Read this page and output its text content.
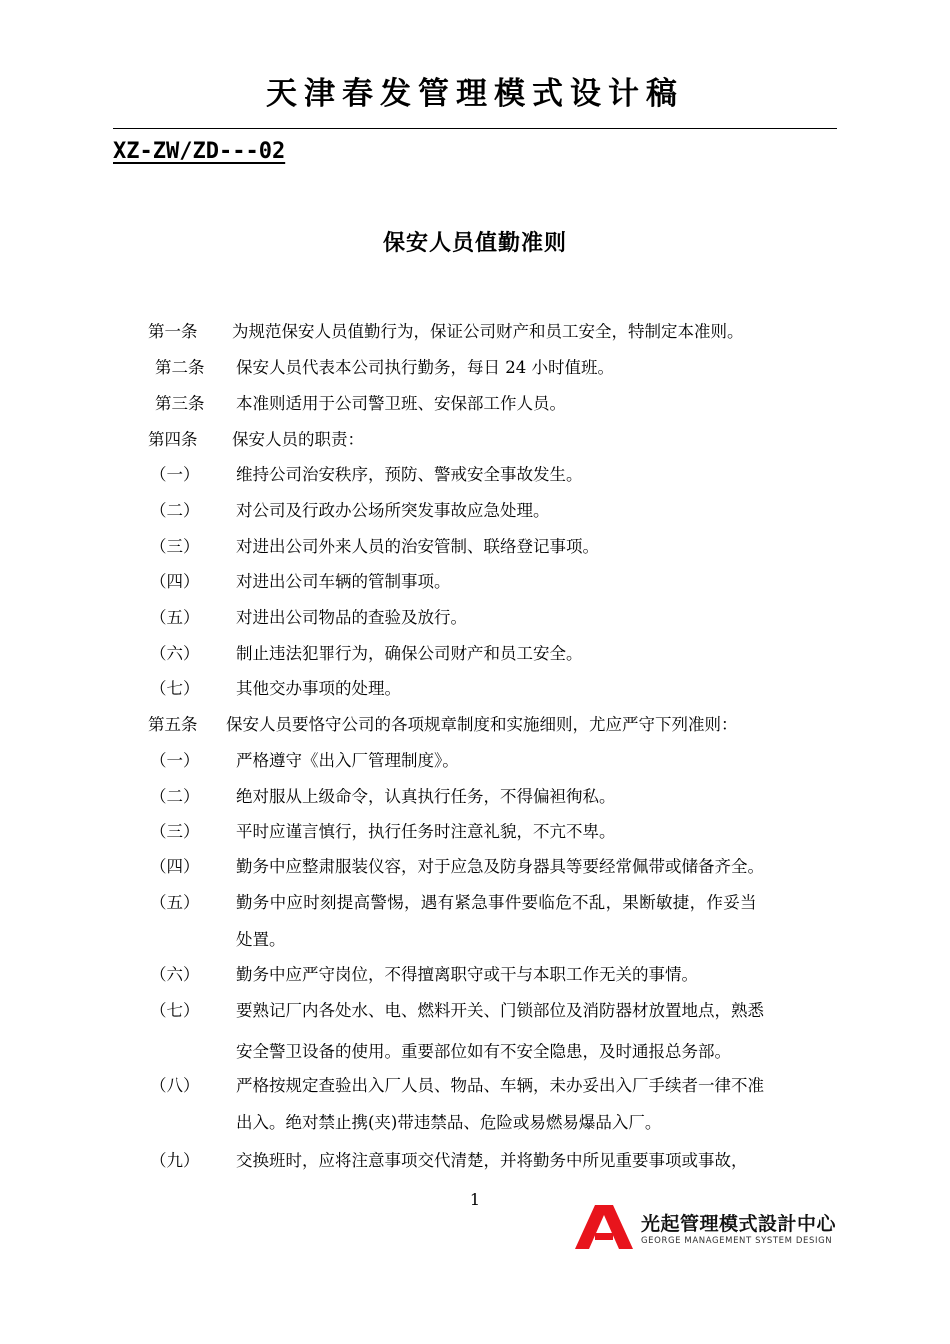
天津春发管理模式设计稿
XZ-ZW/ZD---02
保安人员值勤准则
第一条 为规范保安人员值勤行为，保证公司财产和员工安全，特制定本准则。
第二条 保安人员代表本公司执行勤务，每日 24 小时值班。
第三条 本准则适用于公司警卫班、安保部工作人员。
第四条 保安人员的职责：
（一） 维持公司治安秩序，预防、警戒安全事故发生。
（二） 对公司及行政办公场所突发事故应急处理。
（三） 对进出公司外来人员的治安管制、联络登记事项。
（四） 对进出公司车辆的管制事项。
（五） 对进出公司物品的查验及放行。
（六） 制止违法犯罪行为，确保公司财产和员工安全。
（七） 其他交办事项的处理。
第五条 保安人员要恪守公司的各项规章制度和实施细则，尤应严守下列准则：
（一） 严格遵守《出入厂管理制度》。
（二） 绝对服从上级命令，认真执行任务，不得偏袒徇私。
（三） 平时应谨言慎行，执行任务时注意礼貌，不亢不卑。
（四） 勤务中应整肃服装仪容，对于应急及防身器具等要经常佩带或储备齐全。
（五） 勤务中应时刻提高警惕，遇有紧急事件要临危不乱，果断敏捷，作妥当
处置。
（六） 勤务中应严守岗位，不得擅离职守或干与本职工作无关的事情。
（七） 要熟记厂内各处水、电、燃料开关、门锁部位及消防器材放置地点，熟悉
安全警卫设备的使用。重要部位如有不安全隐患，及时通报总务部。
（八） 严格按规定查验出入厂人员、物品、车辆，未办妥出入厂手续者一律不准
出入。绝对禁止携(夹)带违禁品、危险或易燃易爆品入厂。
（九） 交换班时，应将注意事项交代清楚，并将勤务中所见重要事项或事故，
1
光起管理模式設計中心
GEORGE MANAGEMENT SYSTEM DESIGN
